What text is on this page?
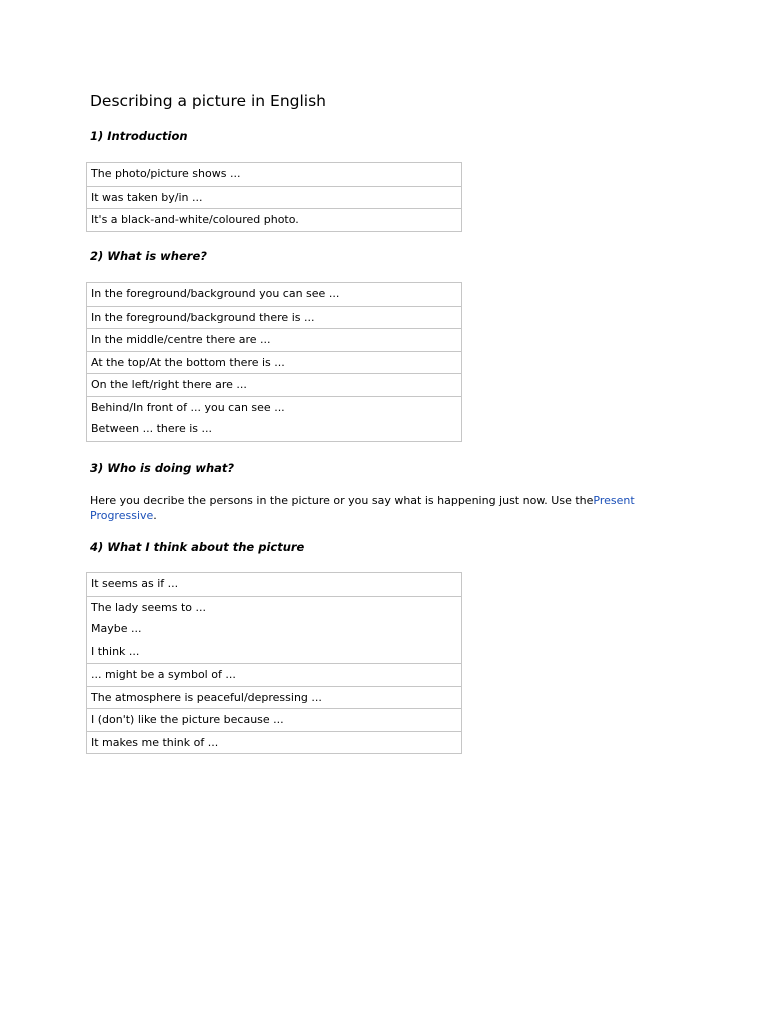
Describing a picture in English
1) Introduction
The photo/picture shows ...
It was taken by/in ...
It's a black-and-white/coloured photo.
2) What is where?
In the foreground/background you can see ...
In the foreground/background there is ...
In the middle/centre there are ...
At the top/At the bottom there is ...
On the left/right there are ...
Behind/In front of ... you can see ...
Between ... there is ...
3) Who is doing what?
Here you decribe the persons in the picture or you say what is happening just now. Use thePresent Progressive.
4) What I think about the picture
It seems as if ...
The lady seems to ...
Maybe ...
I think ...
... might be a symbol of ...
The atmosphere is peaceful/depressing ...
I (don't) like the picture because ...
It makes me think of ...
